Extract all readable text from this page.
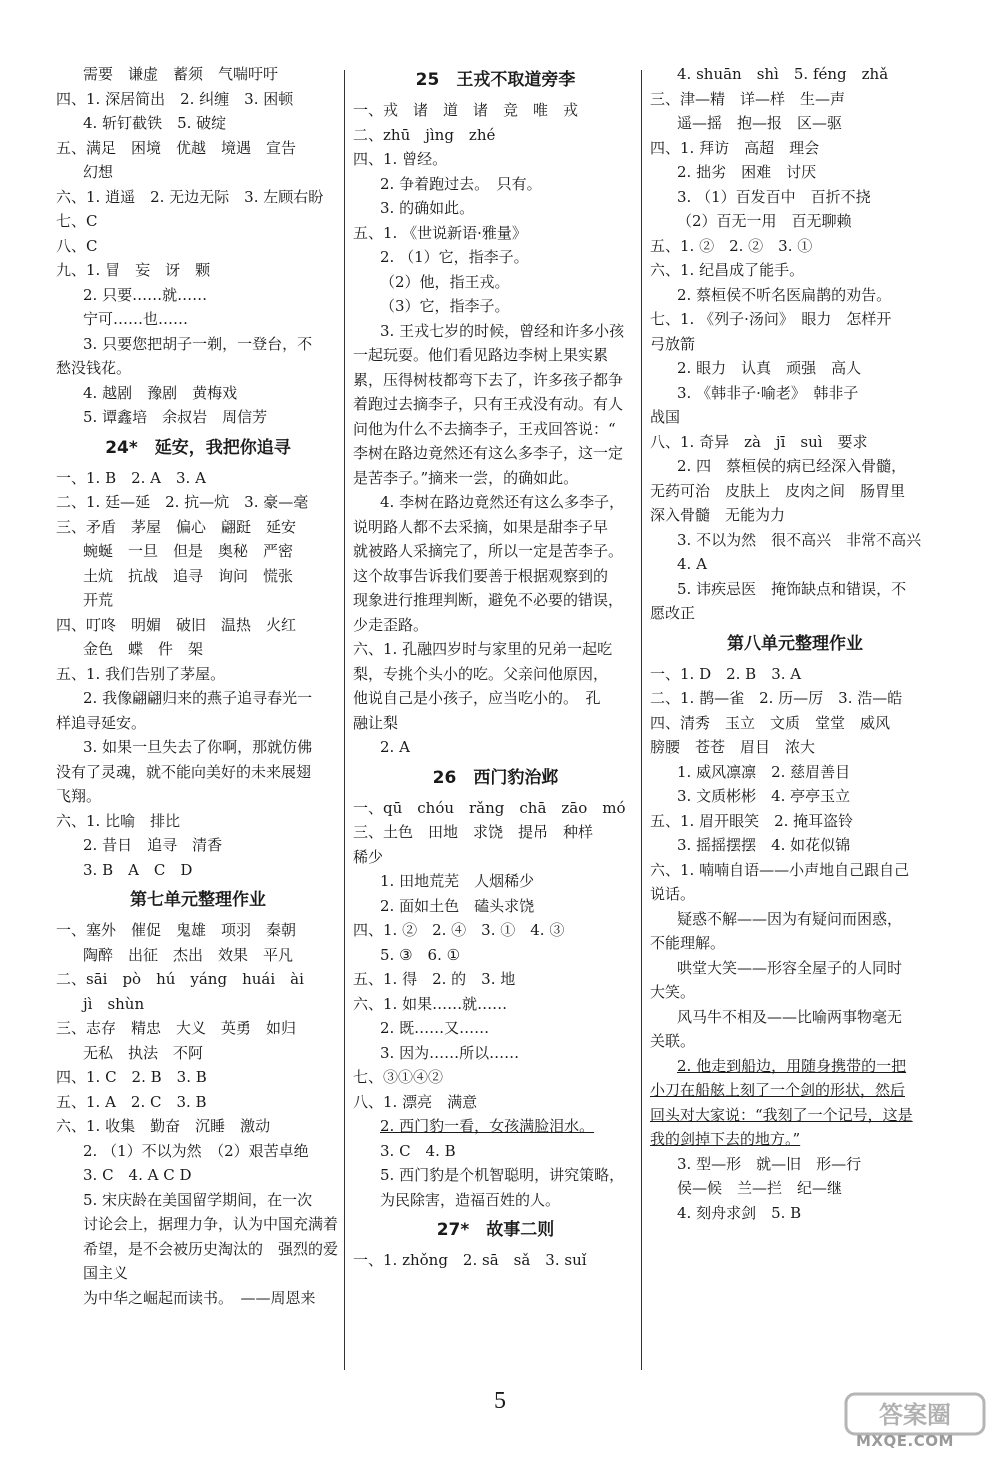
需要　谦虚　蓄须　气喘吁吁
四、1. 深居简出　2. 纠缠　3. 困顿
4. 斩钉截铁　5. 破绽
五、满足　困境　优越　境遇　宣告
幻想
六、1. 逍遥　2. 无边无际　3. 左顾右盼
七、C
八、C
九、1. 冒　妄　讶　颗
2. 只要……就……
宁可……也……
3. 只要您把胡子一剃，一登台，不
愁没钱花。
4. 越剧　豫剧　黄梅戏
5. 谭鑫培　余叔岩　周信芳
24*　延安，我把你追寻
一、1. B　2. A　3. A
二、1. 廷—延　2. 抗—炕　3. 豪—毫
三、矛盾　茅屋　偏心　翩跹　延安
蜿蜒　一旦　但是　奥秘　严密
土炕　抗战　追寻　询问　慌张
开荒
四、叮咚　明媚　破旧　温热　火红
金色　蝶　件　架
五、1. 我们告别了茅屋。
2. 我像翩翩归来的燕子追寻春光一
样追寻延安。
3. 如果一旦失去了你啊，那就仿佛
没有了灵魂，就不能向美好的未来展翅
飞翔。
六、1. 比喻　排比
2. 昔日　追寻　清香
3. B　A　C　D
第七单元整理作业
一、塞外　催促　鬼雄　项羽　秦朝
陶醉　出征　杰出　效果　平凡
二、sāi　pò　hú　yáng　huái　ài
jì　shùn
三、志存　精忠　大义　英勇　如归
无私　执法　不阿
四、1. C　2. B　3. B
五、1. A　2. C　3. B
六、1. 收集　勤奋　沉睡　激动
2. （1）不以为然　（2）艰苦卓绝
3. C　4. A C D
5. 宋庆龄在美国留学期间，在一次
讨论会上，据理力争，认为中国充满着
希望，是不会被历史淘汰的　强烈的爱
国主义
为中华之崛起而读书。　——周恩来
25　王戎不取道旁李
一、戎　诸　道　诸　竞　唯　戎
二、zhū　jìng　zhé
四、1. 曾经。
2. 争着跑过去。　只有。
3. 的确如此。
五、1. 《世说新语·雅量》
2. （1）它，指李子。
（2）他，指王戎。
（3）它，指李子。
3. 王戎七岁的时候，曾经和许多小孩
一起玩耍。他们看见路边李树上果实累
累，压得树枝都弯下去了，许多孩子都争
着跑过去摘李子，只有王戎没有动。有人
问他为什么不去摘李子，王戎回答说：“
李树在路边竟然还有这么多李子，这一定
是苦李子。”摘来一尝，的确如此。
4. 李树在路边竟然还有这么多李子，
说明路人都不去采摘，如果是甜李子早
就被路人采摘完了，所以一定是苦李子。
这个故事告诉我们要善于根据观察到的
现象进行推理判断，避免不必要的错误，
少走歪路。
六、1. 孔融四岁时与家里的兄弟一起吃
梨，专挑个头小的吃。父亲问他原因，
他说自己是小孩子，应当吃小的。　孔
融让梨
2. A
26　西门豹治邺
一、qū　chóu　rǎng　chā　zāo　mó
三、土色　田地　求饶　提吊　种样
稀少
1. 田地荒芜　人烟稀少
2. 面如土色　磕头求饶
四、1. ②　2. ④　3. ①　4. ③
5. ③　6. ①
五、1. 得　2. 的　3. 地
六、1. 如果……就……
2. 既……又……
3. 因为……所以……
七、③①④②
八、1. 漂亮　满意
2. 西门豹一看，女孩满脸泪水。
3. C　4. B
5. 西门豹是个机智聪明，讲究策略，
为民除害，造福百姓的人。
27*　故事二则
一、1. zhǒng　2. sā　sǎ　3. suǐ
4. shuān　shì　5. féng　zhǎ
三、津—精　详—样　生—声
遥—摇　抱—报　区—驱
四、1. 拜访　高超　理会
2. 拙劣　困难　讨厌
3. （1）百发百中　百折不挠
（2）百无一用　百无聊赖
五、1. ②　2. ②　3. ①
六、1. 纪昌成了能手。
2. 蔡桓侯不听名医扁鹊的劝告。
七、1. 《列子·汤问》　眼力　怎样开
弓放箭
2. 眼力　认真　顽强　高人
3. 《韩非子·喻老》　韩非子
战国
八、1. 奇异　zà　jī　suì　要求
2. 四　蔡桓侯的病已经深入骨髓，
无药可治　皮肤上　皮肉之间　肠胃里
深入骨髓　无能为力
3. 不以为然　很不高兴　非常不高兴
4. A
5. 讳疾忌医　掩饰缺点和错误，不
愿改正
第八单元整理作业
一、1. D　2. B　3. A
二、1. 鹊—雀　2. 历—厉　3. 浩—皓
四、清秀　玉立　文质　堂堂　威风
膀腰　苍苍　眉目　浓大
1. 威风凛凛　2. 慈眉善目
3. 文质彬彬　4. 亭亭玉立
五、1. 眉开眼笑　2. 掩耳盗铃
3. 摇摇摆摆　4. 如花似锦
六、1. 喃喃自语——小声地自己跟自己
说话。
疑惑不解——因为有疑问而困惑，
不能理解。
哄堂大笑——形容全屋子的人同时
大笑。
风马牛不相及——比喻两事物毫无
关联。
2. 他走到船边，用随身携带的一把
小刀在船舷上刻了一个剑的形状，然后
回头对大家说：“我刻了一个记号，这是
我的剑掉下去的地方。”
3. 型—形　就—旧　形—行
侯—候　兰—拦　纪—继
4. 刻舟求剑　5. B
5	答案圈
MXQE.COM
